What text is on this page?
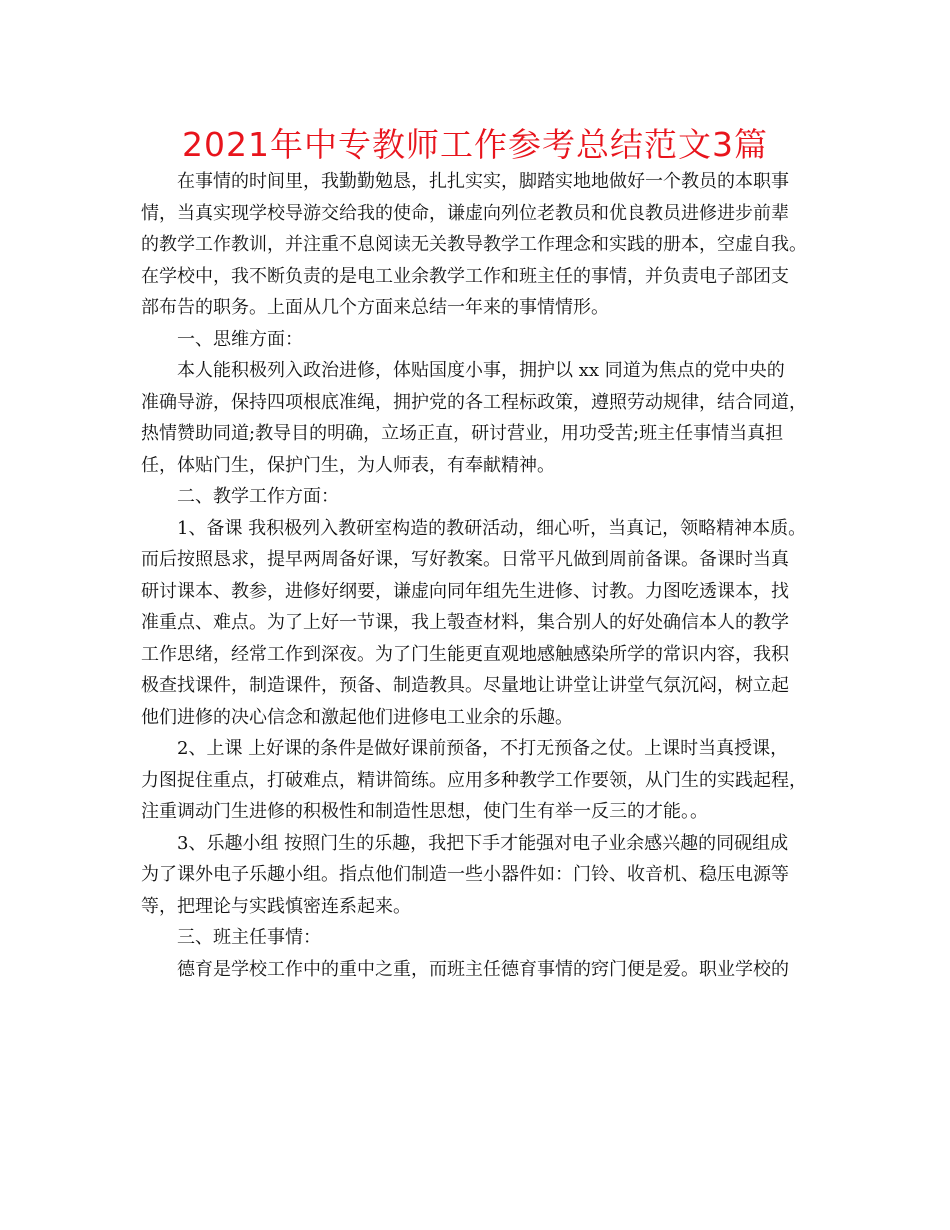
2021年中专教师工作参考总结范文3篇
在事情的时间里，我勤勤勉恳，扎扎实实，脚踏实地地做好一个教员的本职事
情，当真实现学校导游交给我的使命，谦虚向列位老教员和优良教员进修进步前辈
的教学工作教训，并注重不息阅读无关教导教学工作理念和实践的册本，空虚自我。
在学校中，我不断负责的是电工业余教学工作和班主任的事情，并负责电子部团支
部布告的职务。上面从几个方面来总结一年来的事情情形。
一、思维方面：
本人能积极列入政治进修，体贴国度小事，拥护以 xx 同道为焦点的党中央的
准确导游，保持四项根底准绳，拥护党的各工程标政策，遵照劳动规律，结合同道，
热情赞助同道;教导目的明确，立场正直，研讨营业，用功受苦;班主任事情当真担
任，体贴门生，保护门生，为人师表，有奉献精神。
二、教学工作方面：
1、备课 我积极列入教研室构造的教研活动，细心听，当真记，领略精神本质。
而后按照恳求，提早两周备好课，写好教案。日常平凡做到周前备课。备课时当真
研讨课本、教参，进修好纲要，谦虚向同年组先生进修、讨教。力图吃透课本，找
准重点、难点。为了上好一节课，我上彀查材料，集合别人的好处确信本人的教学
工作思绪，经常工作到深夜。为了门生能更直观地感触感染所学的常识内容，我积
极查找课件，制造课件，预备、制造教具。尽量地让讲堂让讲堂气氛沉闷，树立起
他们进修的决心信念和激起他们进修电工业余的乐趣。
2、上课 上好课的条件是做好课前预备，不打无预备之仗。上课时当真授课，
力图捉住重点，打破难点，精讲简练。应用多种教学工作要领，从门生的实践起程，
注重调动门生进修的积极性和制造性思想，使门生有举一反三的才能。。
3、乐趣小组 按照门生的乐趣，我把下手才能强对电子业余感兴趣的同砚组成
为了课外电子乐趣小组。指点他们制造一些小器件如：门铃、收音机、稳压电源等
等，把理论与实践慎密连系起来。
三、班主任事情：
德育是学校工作中的重中之重，而班主任德育事情的窍门便是爱。职业学校的
